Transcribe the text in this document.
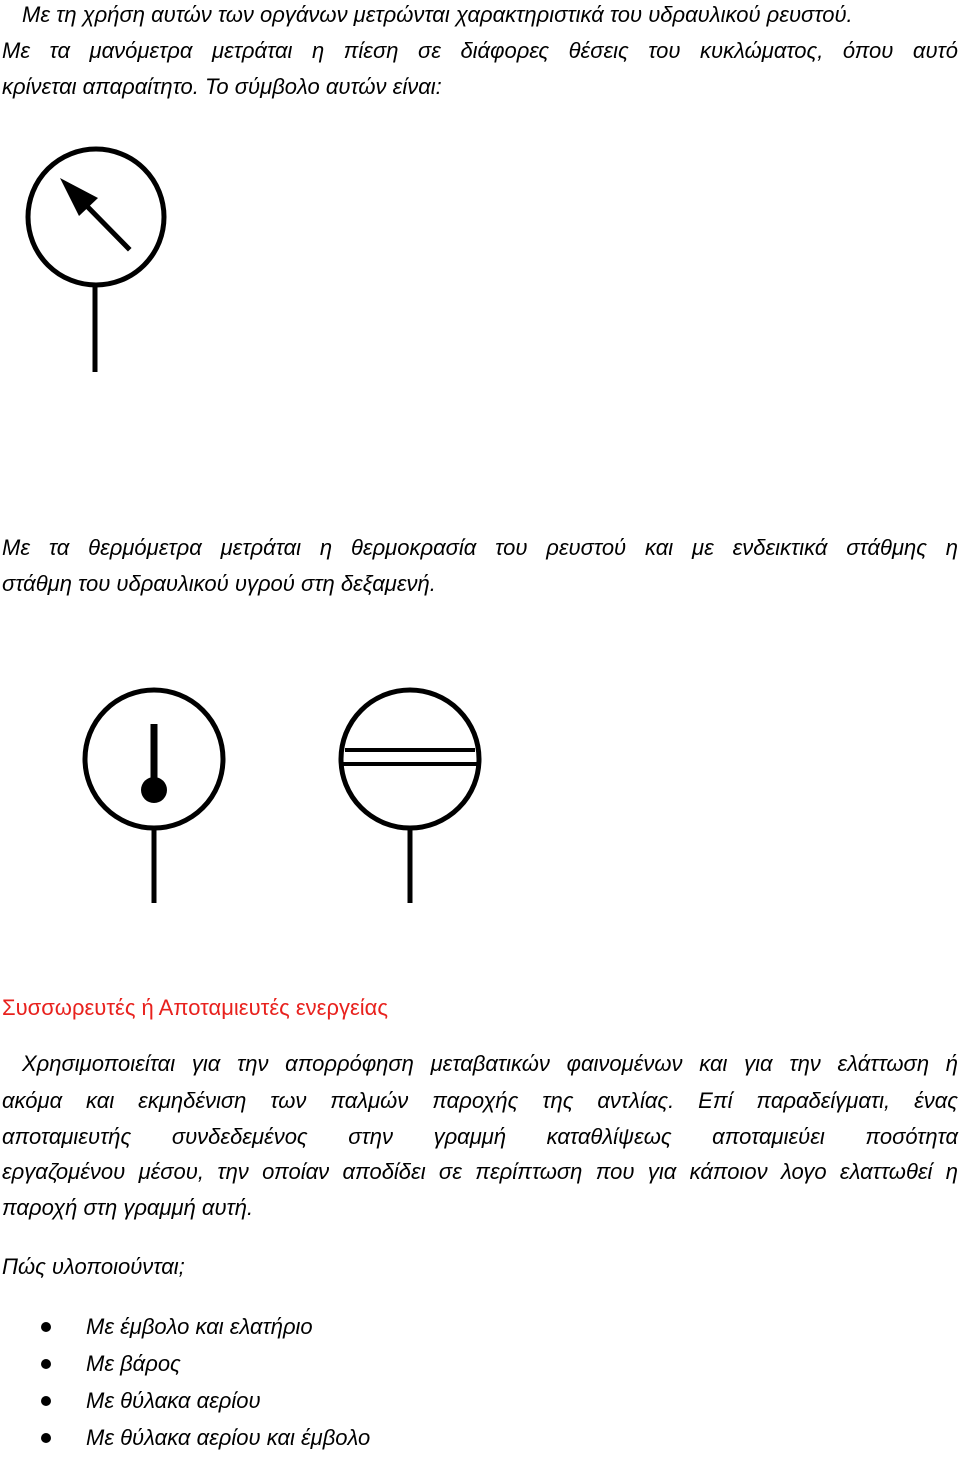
Με τη χρήση αυτών των οργάνων μετρώνται χαρακτηριστικά του υδραυλικού ρευστού.

Με τα μανόμετρα μετράται η πίεση σε διάφορες θέσεις του κυκλώματος, όπου αυτό

κρίνεται απαραίτητο. Το σύμβολο αυτών είναι:

Με τα θερμόμετρα μετράται η θερμοκρασία του ρευστού και με ενδεικτικά στάθμης η

στάθμη του υδραυλικού υγρού στη δεξαμενή.

Συσσωρευτές ή Αποταμιευτές ενεργείας

Χρησιμοποιείται για την απορρόφηση μεταβατικών φαινομένων και για την ελάττωση ή

ακόμα και εκμηδένιση των παλμών παροχής της αντλίας. Επί παραδείγματι, ένας

αποταμιευτής συνδεδεμένος στην γραμμή καταθλίψεως αποταμιεύει ποσότητα

εργαζομένου μέσου, την οποίαν αποδίδει σε περίπτωση που για κάποιον λογο ελαττωθεί η

παροχή στη γραμμή αυτή.

Πώς υλοποιούνται;

Με έμβολο και ελατήριο
Με βάρος
Με θύλακα αερίου
Με θύλακα αερίου και έμβολο
